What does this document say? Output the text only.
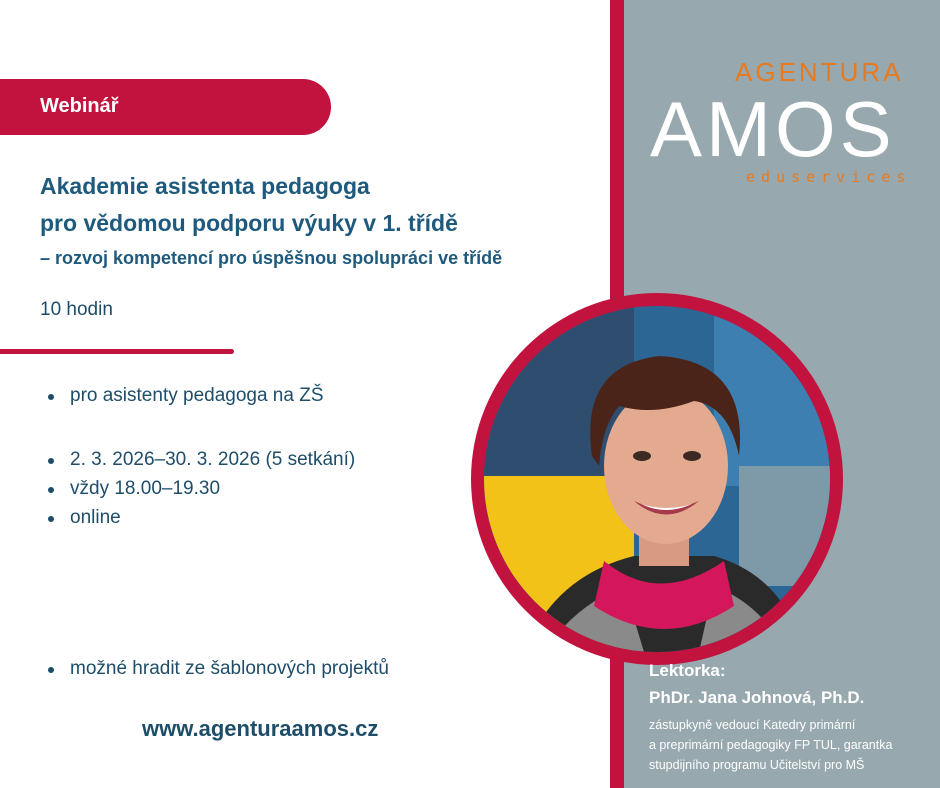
Webinář
Akademie asistenta pedagoga
pro vědomou podporu výuky v 1. třídě
– rozvoj kompetencí pro úspěšnou spolupráci ve třídě
10 hodin
pro asistenty pedagoga na ZŠ
2. 3. 2026–30. 3. 2026 (5 setkání)
vždy 18.00–19.30
online
možné hradit ze šablonových projektů
www.agenturaamos.cz
AGENTURA
AMOS
eduservices
Lektorka:
PhDr. Jana Johnová, Ph.D.
zástupkyně vedoucí Katedry primární
a preprimární pedagogiky FP TUL, garantka
stupdijního programu Učitelství pro MŠ
